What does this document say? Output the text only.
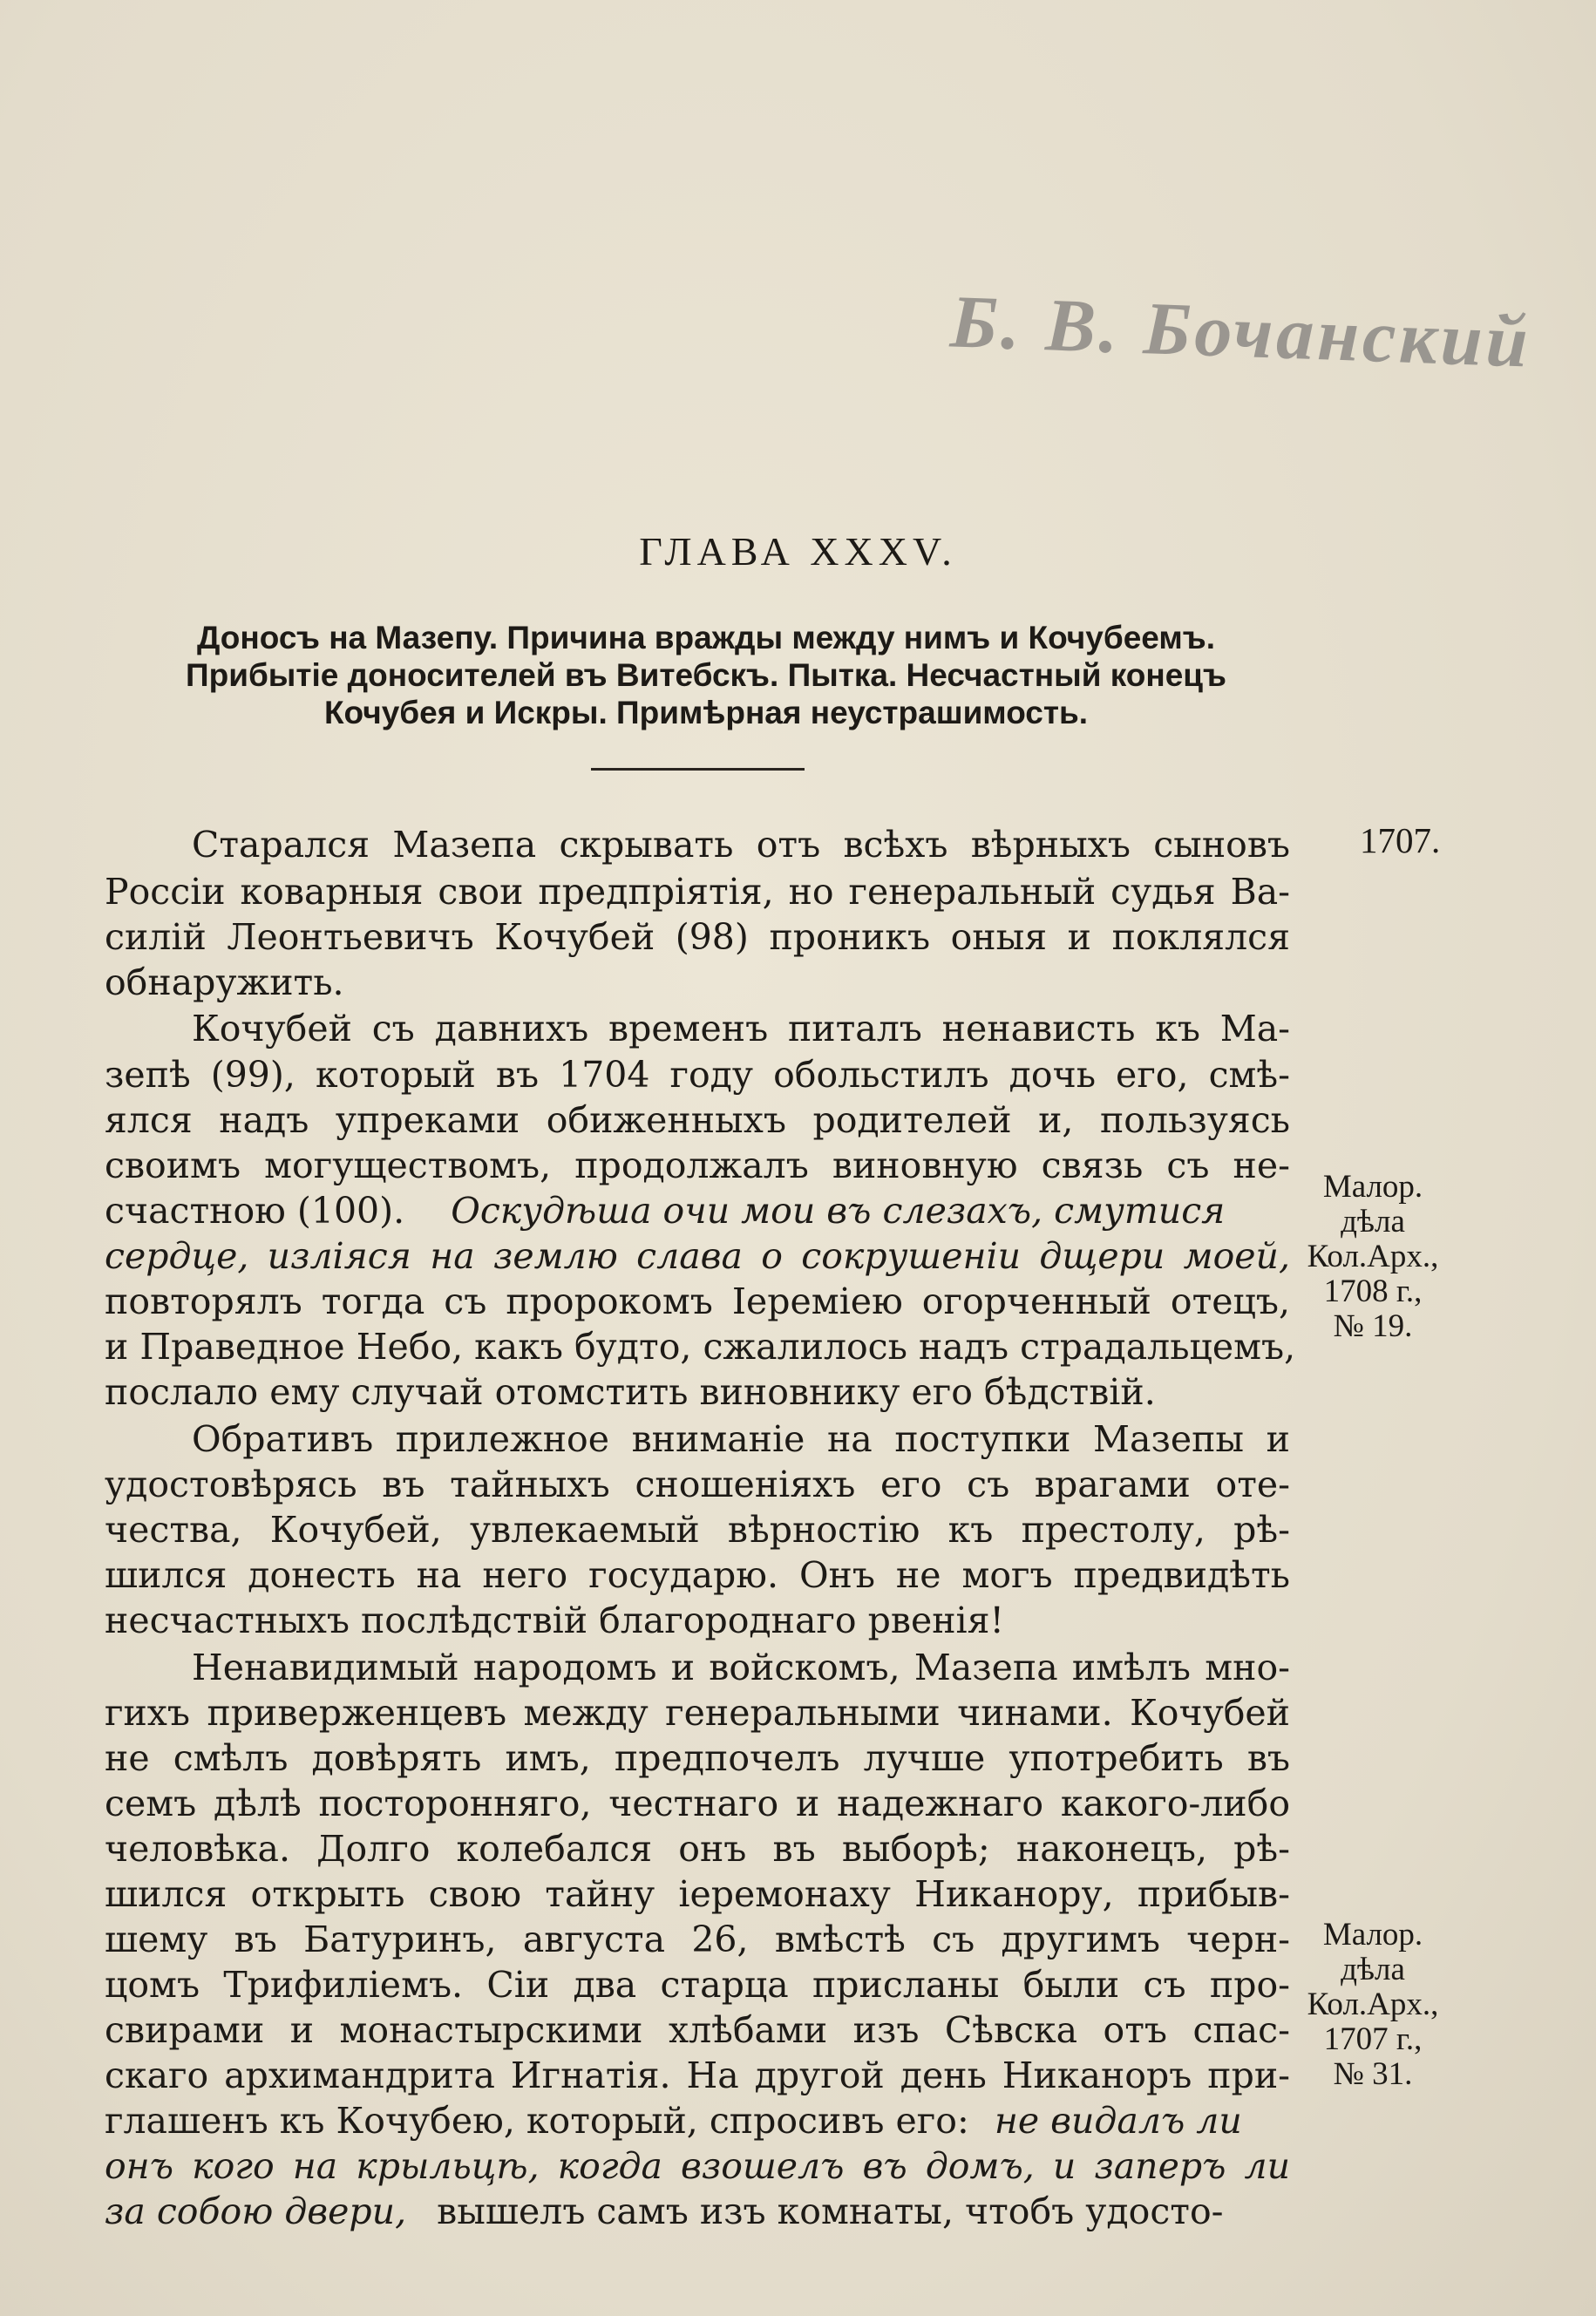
Б. В. Бочанский
ГЛАВА XXXV.
Доносъ на Мазепу. Причина вражды между нимъ и Кочубеемъ.
Прибытіе доносителей въ Витебскъ. Пытка. Несчастный конецъ
Кочубея и Искры. Примѣрная неустрашимость.
1707.
Малор.
дѣла
Кол.Арх.,
1708 г.,
№ 19.
Малор.
дѣла
Кол.Арх.,
1707 г.,
№ 31.
Старался Мазепа скрывать отъ всѣхъ вѣрныхъ сыновъ
Россіи коварныя свои предпріятія, но генеральный судья Ва-
силій Леонтьевичъ Кочубей (98) проникъ оныя и поклялся
обнаружить.
Кочубей съ давнихъ временъ питалъ ненависть къ Ма-
зепѣ (99), который въ 1704 году обольстилъ дочь его, смѣ-
ялся надъ упреками обиженныхъ родителей и, пользуясь
своимъ могуществомъ, продолжалъ виновную связь съ не-
счастною (100). Оскудѣша очи мои въ слезахъ, смутися
сердце, изліяся на землю слава о сокрушеніи дщери моей,
повторялъ тогда съ пророкомъ Іереміею огорченный отецъ,
и Праведное Небо, какъ будто, сжалилось надъ страдальцемъ,
послало ему случай отомстить виновнику его бѣдствій.
Обративъ прилежное вниманіе на поступки Мазепы и
удостовѣрясь въ тайныхъ сношеніяхъ его съ врагами оте-
чества, Кочубей, увлекаемый вѣрностію къ престолу, рѣ-
шился донесть на него государю. Онъ не могъ предвидѣть
несчастныхъ послѣдствій благороднаго рвенія!
Ненавидимый народомъ и войскомъ, Мазепа имѣлъ мно-
гихъ приверженцевъ между генеральными чинами. Кочубей
не смѣлъ довѣрять имъ, предпочелъ лучше употребить въ
семъ дѣлѣ посторонняго, честнаго и надежнаго какого-либо
человѣка. Долго колебался онъ въ выборѣ; наконецъ, рѣ-
шился открыть свою тайну іеремонаху Никанору, прибыв-
шему въ Батуринъ, августа 26, вмѣстѣ съ другимъ черн-
цомъ Трифиліемъ. Сіи два старца присланы были съ про-
свирами и монастырскими хлѣбами изъ Сѣвска отъ спас-
скаго архимандрита Игнатія. На другой день Никаноръ при-
глашенъ къ Кочубею, который, спросивъ его: не видалъ ли
онъ кого на крыльцѣ, когда взошелъ въ домъ, и заперъ ли
за собою двери, вышелъ самъ изъ комнаты, чтобъ удосто-
